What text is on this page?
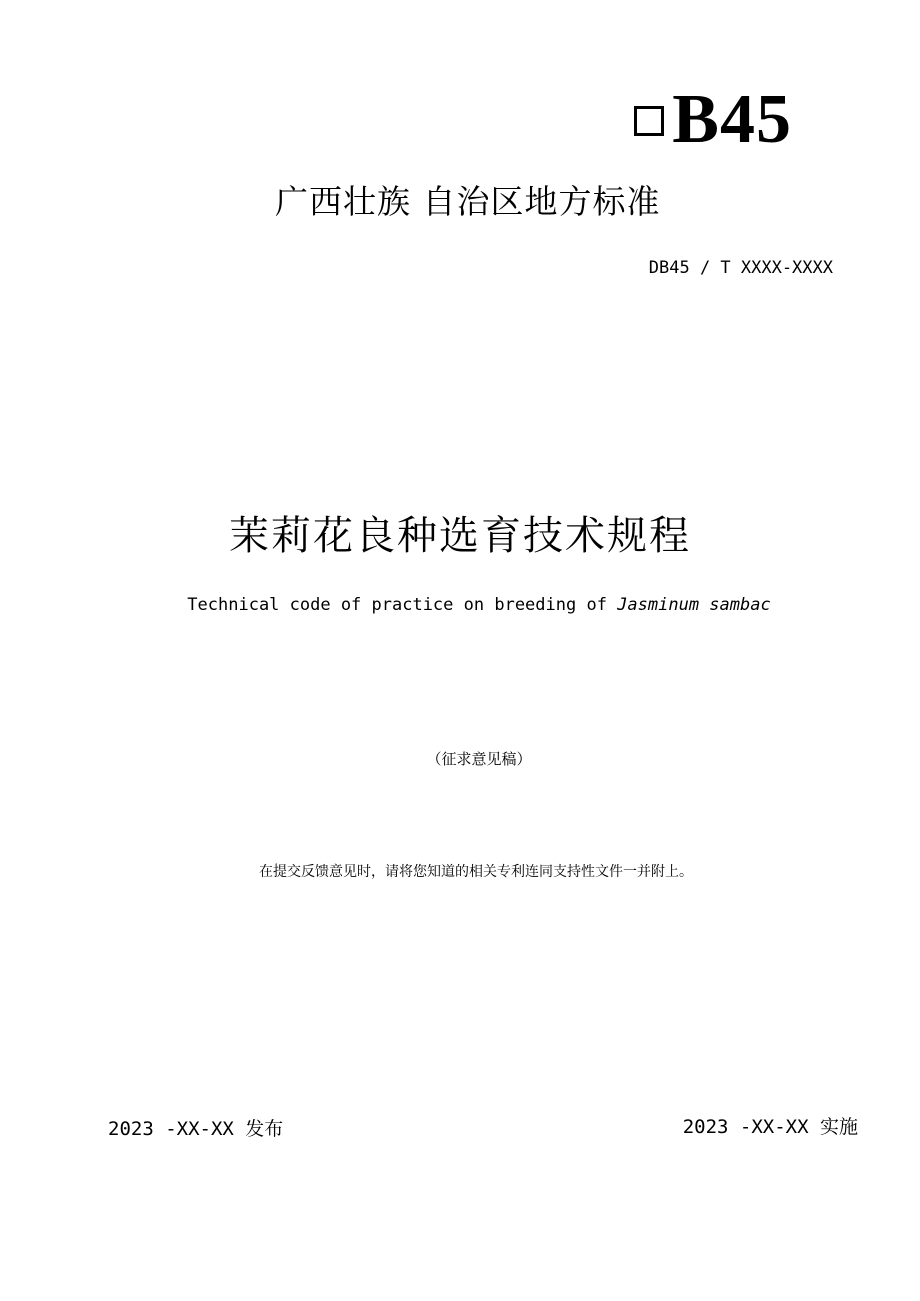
B45
广西壮族 自治区地方标准
DB45 / T XXXX-XXXX
茉莉花良种选育技术规程
Technical code of practice on breeding of Jasminum sambac
（征求意见稿）
在提交反馈意见时，请将您知道的相关专利连同支持性文件一并附上。
2023 -XX-XX 发布	2023 -XX-XX 实施
